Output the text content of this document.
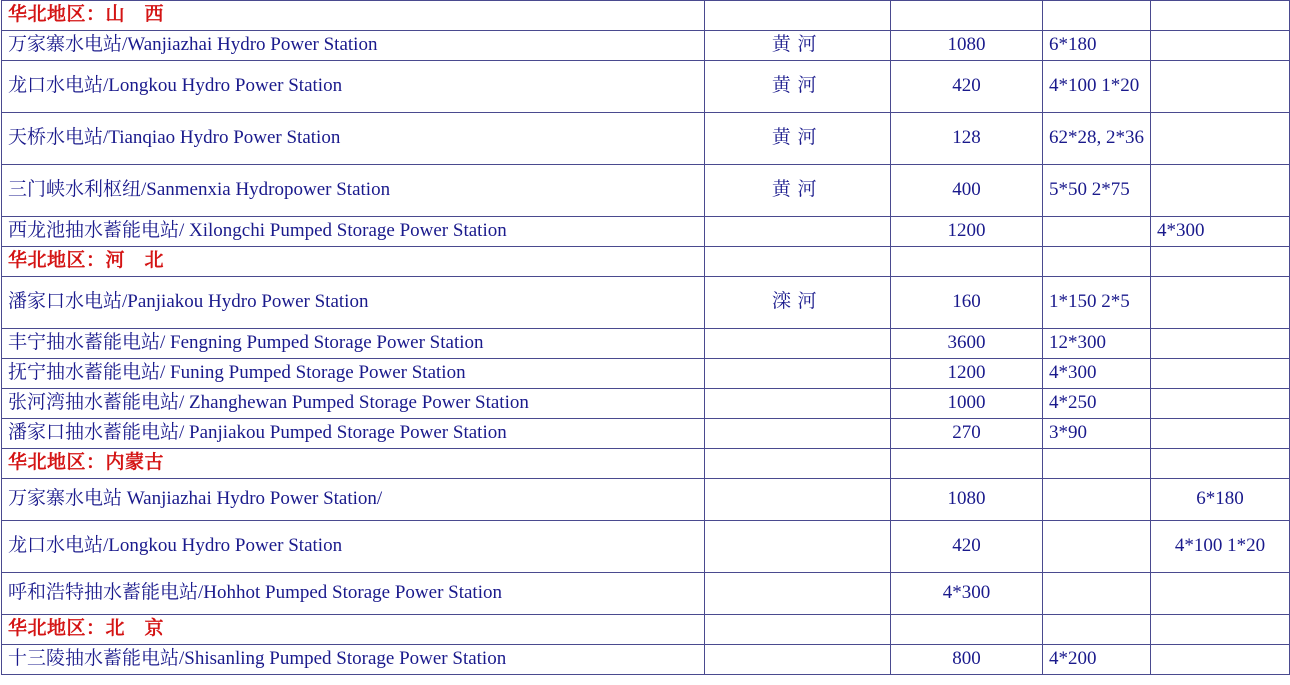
华北地区：山　西				
万家寨水电站/Wanjiazhai Hydro Power Station	黄河	1080	6*180	
龙口水电站/Longkou Hydro Power Station	黄河	420	4*100 1*20	
天桥水电站/Tianqiao Hydro Power Station	黄河	128	62*28, 2*36	
三门峡水利枢纽/Sanmenxia Hydropower Station	黄河	400	5*50 2*75	
西龙池抽水蓄能电站/ Xilongchi Pumped Storage Power Station		1200		4*300
华北地区：河　北				
潘家口水电站/Panjiakou Hydro Power Station	滦河	160	1*150 2*5	
丰宁抽水蓄能电站/ Fengning Pumped Storage Power Station		3600	12*300	
抚宁抽水蓄能电站/ Funing Pumped Storage Power Station		1200	4*300	
张河湾抽水蓄能电站/ Zhanghewan Pumped Storage Power Station		1000	4*250	
潘家口抽水蓄能电站/ Panjiakou Pumped Storage Power Station		270	3*90	
华北地区：内蒙古				
万家寨水电站 Wanjiazhai Hydro Power Station/		1080		6*180
龙口水电站/Longkou Hydro Power Station		420		4*100 1*20
呼和浩特抽水蓄能电站/Hohhot Pumped Storage Power Station		4*300		
华北地区：北　京				
十三陵抽水蓄能电站/Shisanling Pumped Storage Power Station		800	4*200	
